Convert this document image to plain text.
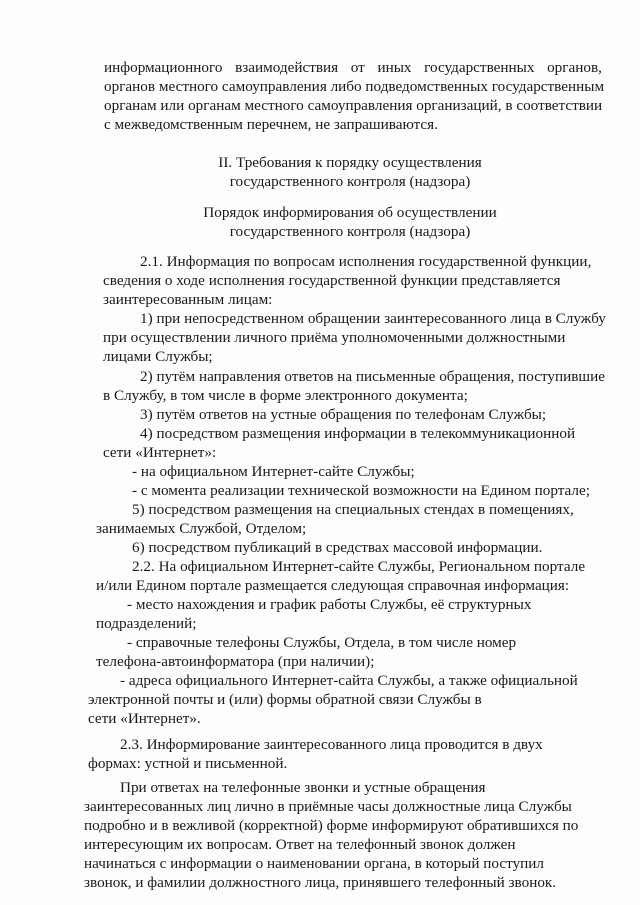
информационного взаимодействия от иных государственных органов,
органов местного самоуправления либо подведомственных государственным
органам или органам местного самоуправления организаций, в соответствии
с межведомственным перечнем, не запрашиваются.
II. Требования к порядку осуществления
государственного контроля (надзора)
Порядок информирования об осуществлении
государственного контроля (надзора)
2.1. Информация по вопросам исполнения государственной функции,
сведения о ходе исполнения государственной функции представляется
заинтересованным лицам:
1) при непосредственном обращении заинтересованного лица в Службу
при осуществлении личного приёма уполномоченными должностными
лицами Службы;
2) путём направления ответов на письменные обращения, поступившие
в Службу, в том числе в форме электронного документа;
3) путём ответов на устные обращения по телефонам Службы;
4) посредством размещения информации в телекоммуникационной
сети «Интернет»:
- на официальном Интернет-сайте Службы;
- с момента реализации технической возможности на Едином портале;
5) посредством размещения на специальных стендах в помещениях,
занимаемых Службой, Отделом;
6) посредством публикаций в средствах массовой информации.
2.2. На официальном Интернет-сайте Службы, Региональном портале
и/или Едином портале размещается следующая справочная информация:
- место нахождения и график работы Службы, её структурных
подразделений;
- справочные телефоны Службы, Отдела, в том числе номер
телефона-автоинформатора (при наличии);
- адреса официального Интернет-сайта Службы, а также официальной
электронной почты и (или) формы обратной связи Службы в
сети «Интернет».
2.3. Информирование заинтересованного лица проводится в двух
формах: устной и письменной.
При ответах на телефонные звонки и устные обращения
заинтересованных лиц лично в приёмные часы должностные лица Службы
подробно и в вежливой (корректной) форме информируют обратившихся по
интересующим их вопросам. Ответ на телефонный звонок должен
начинаться с информации о наименовании органа, в который поступил
звонок, и фамилии должностного лица, принявшего телефонный звонок.
